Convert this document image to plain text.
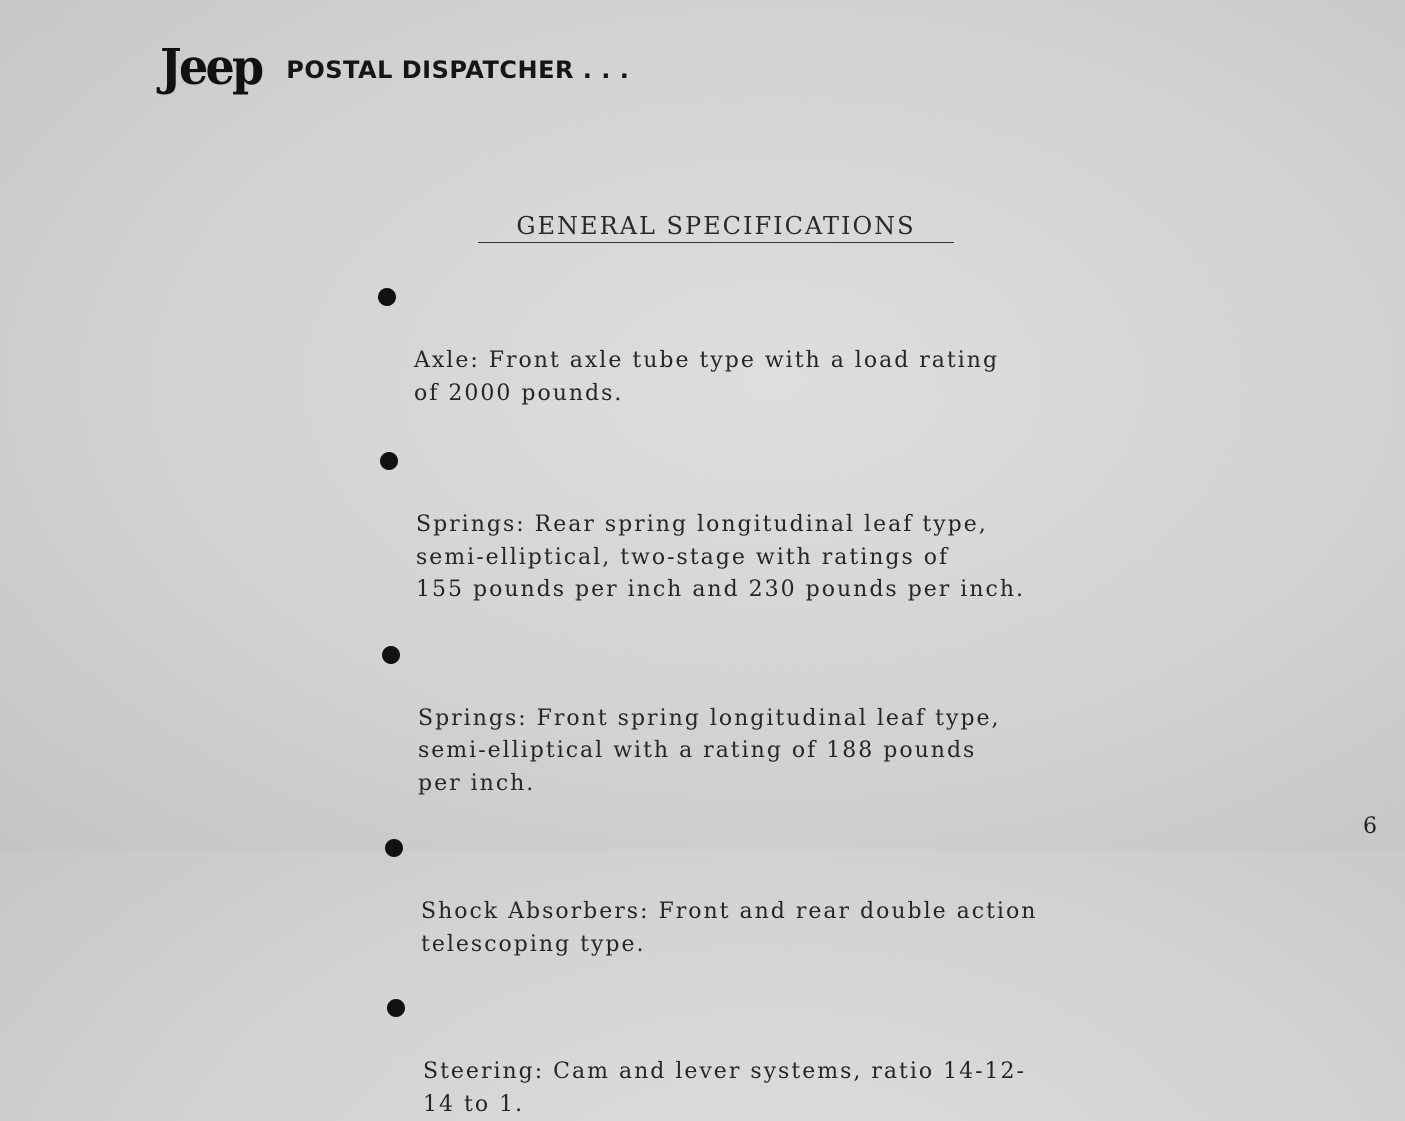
Jeep POSTAL DISPATCHER . . .
GENERAL SPECIFICATIONS

Axle: Front axle tube type with a load rating
of 2000 pounds.

Springs: Rear spring longitudinal leaf type,
semi-elliptical, two-stage with ratings of
155 pounds per inch and 230 pounds per inch.

Springs: Front spring longitudinal leaf type,
semi-elliptical with a rating of 188 pounds
per inch.

Shock Absorbers: Front and rear double action
telescoping type.

Steering: Cam and lever systems, ratio 14-12-
14 to 1.

6
